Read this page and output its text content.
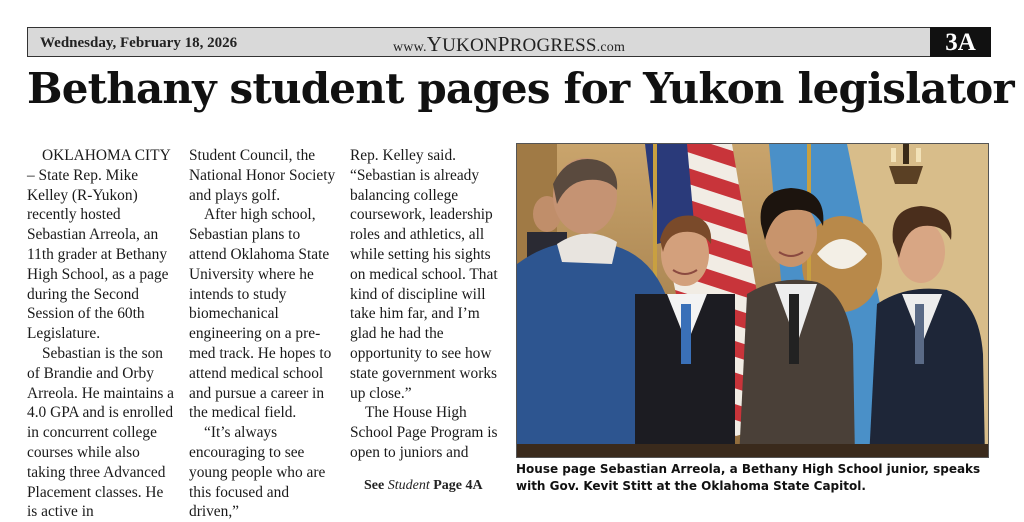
Wednesday, February 18, 2026	www.YUKONPROGRESS.com	3A
Bethany student pages for Yukon legislator

OKLAHOMA CITY – State Rep. Mike Kelley (R-Yukon) recently hosted Sebastian Arreola, an 11th grader at Bethany High School, as a page during the Second Session of the 60th Legislature.

Sebastian is the son of Brandie and Orby Arreola. He maintains a 4.0 GPA and is enrolled in concurrent college courses while also taking three Advanced Placement classes. He is active in

Student Council, the National Honor Society and plays golf.

After high school, Sebastian plans to attend Oklahoma State University where he intends to study biomechanical engineering on a pre-med track. He hopes to attend medical school and pursue a career in the medical field.

“It’s always encouraging to see young people who are this focused and driven,”

Rep. Kelley said. “Sebastian is already balancing college coursework, leadership roles and athletics, all while setting his sights on medical school. That kind of discipline will take him far, and I’m glad he had the opportunity to see how state government works up close.”

The House High School Page Program is open to juniors and

See Student Page 4A
House page Sebastian Arreola, a Bethany High School junior, speaks with Gov. Kevit Stitt at the Oklahoma State Capitol.
